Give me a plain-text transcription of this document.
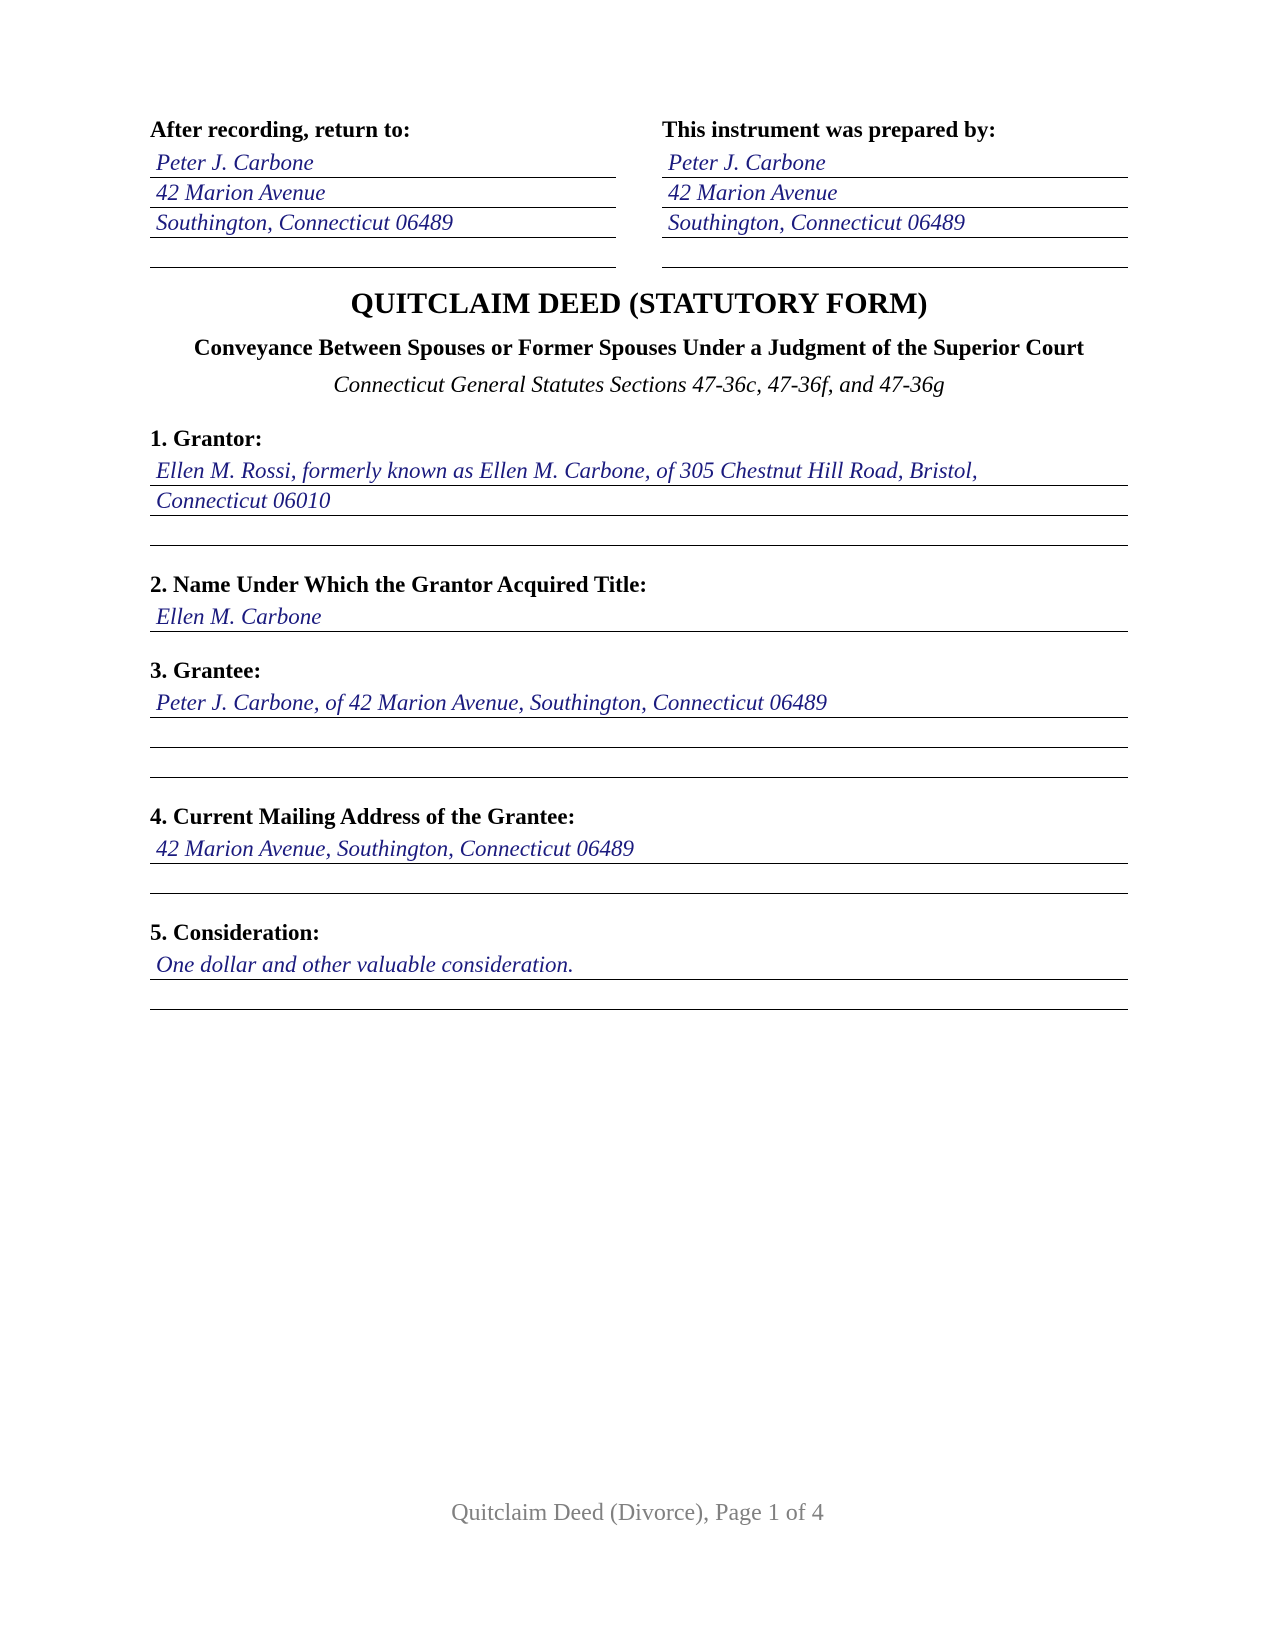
After recording, return to:
Peter J. Carbone
42 Marion Avenue
Southington, Connecticut 06489
This instrument was prepared by:
Peter J. Carbone
42 Marion Avenue
Southington, Connecticut 06489
QUITCLAIM DEED (STATUTORY FORM)
Conveyance Between Spouses or Former Spouses Under a Judgment of the Superior Court
Connecticut General Statutes Sections 47-36c, 47-36f, and 47-36g
1. Grantor:
Ellen M. Rossi, formerly known as Ellen M. Carbone, of 305 Chestnut Hill Road, Bristol,
Connecticut 06010
2. Name Under Which the Grantor Acquired Title:
Ellen M. Carbone
3. Grantee:
Peter J. Carbone, of 42 Marion Avenue, Southington, Connecticut 06489
4. Current Mailing Address of the Grantee:
42 Marion Avenue, Southington, Connecticut 06489
5. Consideration:
One dollar and other valuable consideration.
Quitclaim Deed (Divorce), Page 1 of 4
